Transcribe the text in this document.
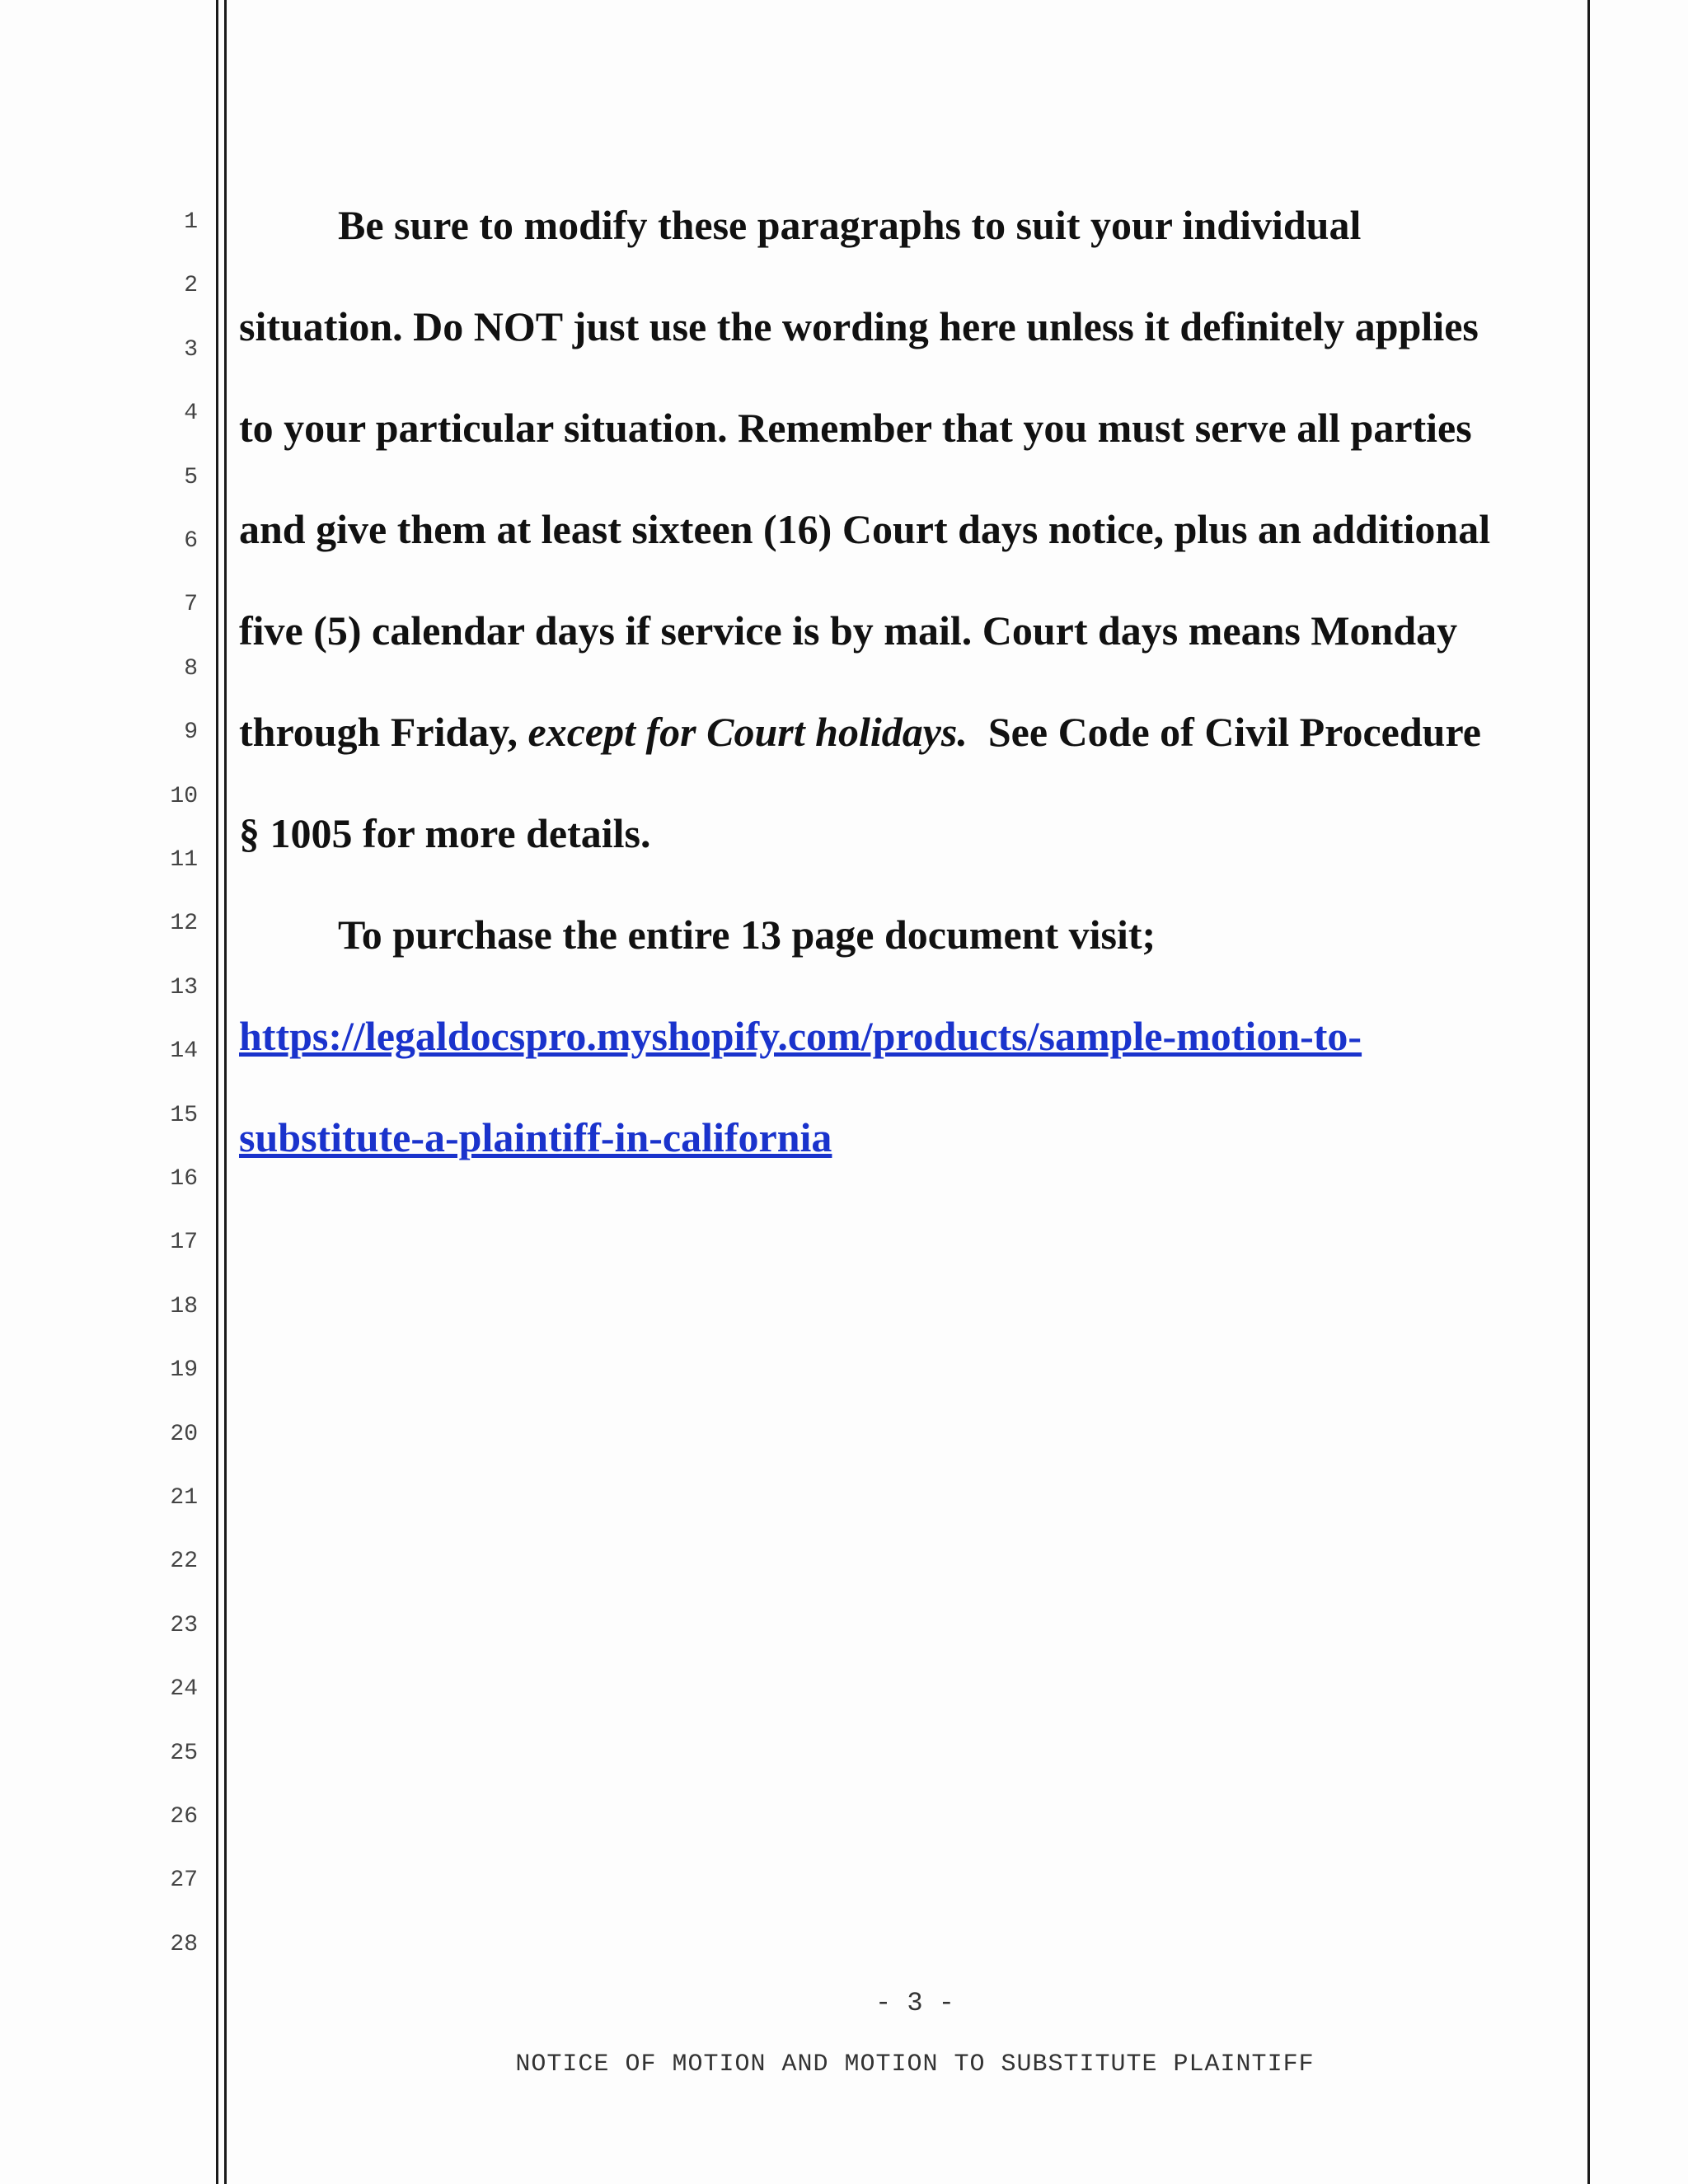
1
2
3
4
5
6
7
8
9
10
11
12
13
14
15
16
17
18
19
20
21
22
23
24
25
26
27
28
Be sure to modify these paragraphs to suit your individual
situation. Do NOT just use the wording here unless it definitely applies
to your particular situation. Remember that you must serve all parties
and give them at least sixteen (16) Court days notice, plus an additional
five (5) calendar days if service is by mail. Court days means Monday
through Friday, except for Court holidays.  See Code of Civil Procedure
§ 1005 for more details.
To purchase the entire 13 page document visit;
https://legaldocspro.myshopify.com/products/sample-motion-to-
substitute-a-plaintiff-in-california
- 3 -
NOTICE OF MOTION AND MOTION TO SUBSTITUTE PLAINTIFF
